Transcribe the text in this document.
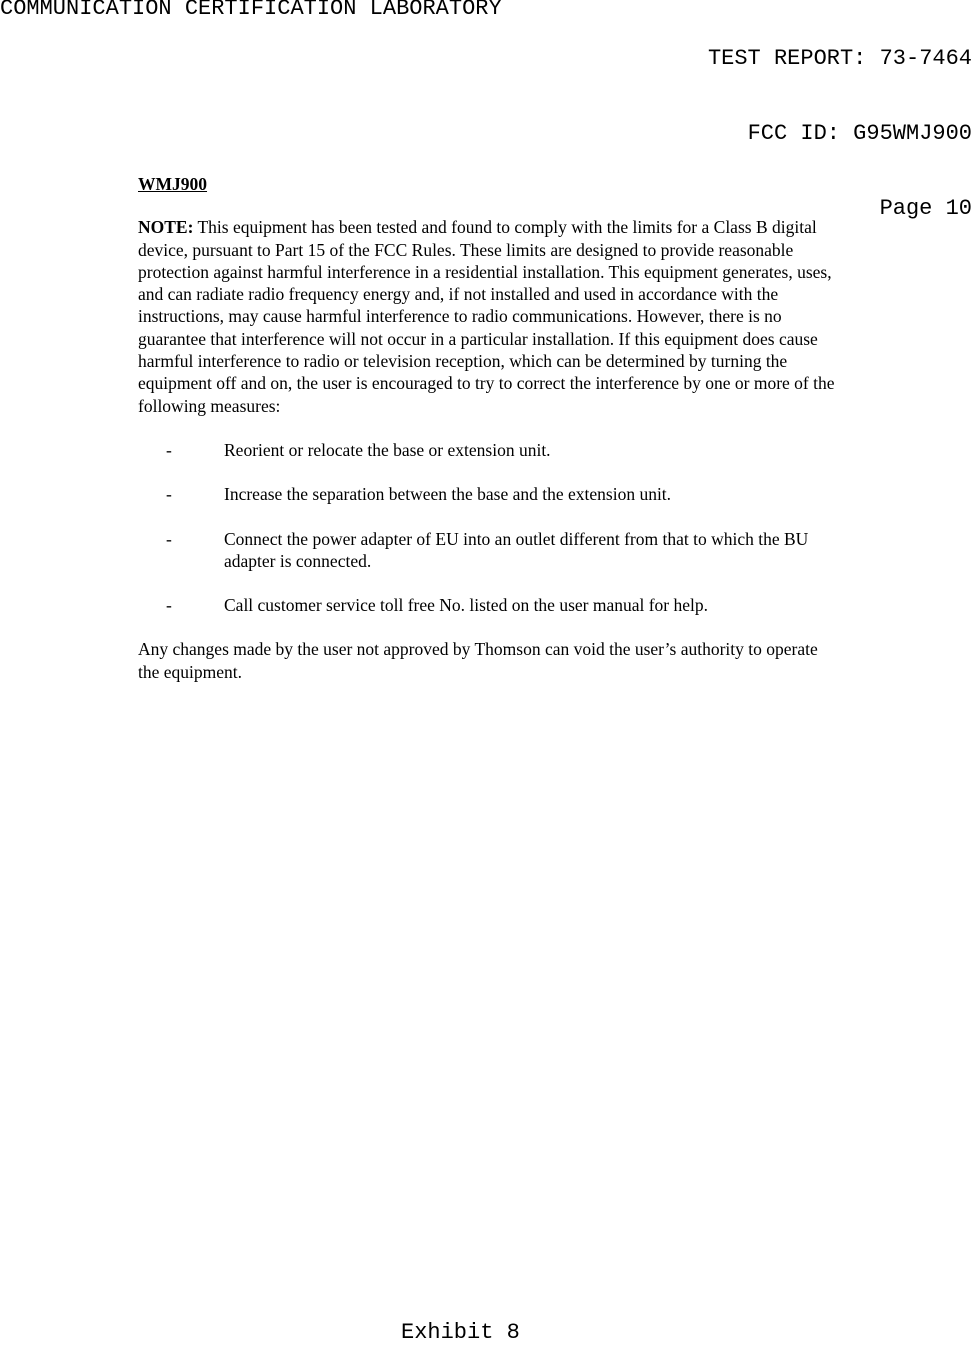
COMMUNICATION CERTIFICATION LABORATORY

TEST REPORT: 73-7464

FCC ID: G95WMJ900

Page 10

WMJ900

NOTE: This equipment has been tested and found to comply with the limits for a Class B digital device, pursuant to Part 15 of the FCC Rules. These limits are designed to provide reasonable protection against harmful interference in a residential installation. This equipment generates, uses, and can radiate radio frequency energy and, if not installed and used in accordance with the instructions, may cause harmful interference to radio communications. However, there is no guarantee that interference will not occur in a particular installation. If this equipment does cause harmful interference to radio or television reception, which can be determined by turning the equipment off and on, the user is encouraged to try to correct the interference by one or more of the following measures:

-	Reorient or relocate the base or extension unit.
-	Increase the separation between the base and the extension unit.
-	Connect the power adapter of EU into an outlet different from that to which the BU adapter is connected.
-	Call customer service toll free No. listed on the user manual for help.

Any changes made by the user not approved by Thomson can void the user’s authority to operate the equipment.

Exhibit 8
